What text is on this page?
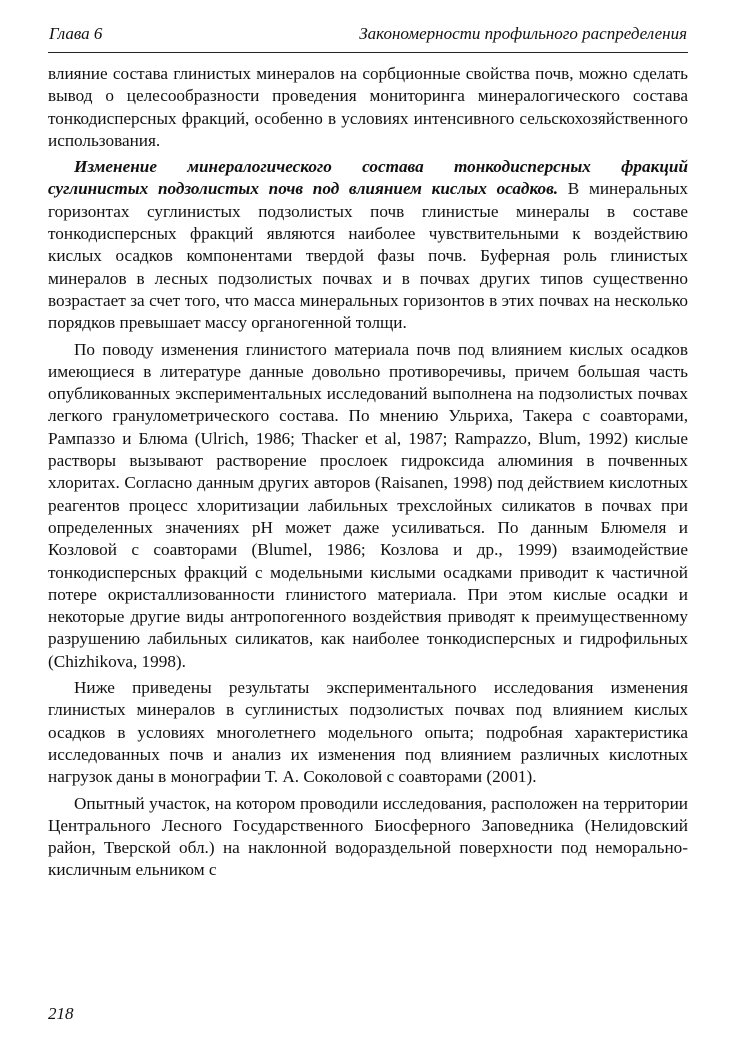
Глава 6	Закономерности профильного распределения

влияние состава глинистых минералов на сорбционные свойства почв, можно сделать вывод о целесообразности проведения мониторинга минералогического состава тонкодисперсных фракций, особенно в условиях интенсивного сельскохозяйственного использования.

Изменение минералогического состава тонкодисперсных фракций суглинистых подзолистых почв под влиянием кислых осадков. В минеральных горизонтах суглинистых подзолистых почв глинистые минералы в составе тонкодисперсных фракций являются наиболее чувствительными к воздействию кислых осадков компонентами твердой фазы почв. Буферная роль глинистых минералов в лесных подзолистых почвах и в почвах других типов существенно возрастает за счет того, что масса минеральных горизонтов в этих почвах на несколько порядков превышает массу органогенной толщи.

По поводу изменения глинистого материала почв под влиянием кислых осадков имеющиеся в литературе данные довольно противоречивы, причем большая часть опубликованных экспериментальных исследований выполнена на подзолистых почвах легкого гранулометрического состава. По мнению Ульриха, Такера с соавторами, Рампаззо и Блюма (Ulrich, 1986; Thacker et al, 1987; Rampazzo, Blum, 1992) кислые растворы вызывают растворение прослоек гидроксида алюминия в почвенных хлоритах. Согласно данным других авторов (Raisanen, 1998) под действием кислотных реагентов процесс хлоритизации лабильных трехслойных силикатов в почвах при определенных значениях pH может даже усиливаться. По данным Блюмеля и Козловой с соавторами (Blumel, 1986; Козлова и др., 1999) взаимодействие тонкодисперсных фракций с модельными кислыми осадками приводит к частичной потере окристаллизованности глинистого материала. При этом кислые осадки и некоторые другие виды антропогенного воздействия приводят к преимущественному разрушению лабильных силикатов, как наиболее тонкодисперсных и гидрофильных (Chizhikova, 1998).

Ниже приведены результаты экспериментального исследования изменения глинистых минералов в суглинистых подзолистых почвах под влиянием кислых осадков в условиях многолетнего модельного опыта; подробная характеристика исследованных почв и анализ их изменения под влиянием различных кислотных нагрузок даны в монографии Т. А. Соколовой с соавторами (2001).

Опытный участок, на котором проводили исследования, расположен на территории Центрального Лесного Государственного Биосферного Заповедника (Нелидовский район, Тверской обл.) на наклонной водораздельной поверхности под неморально-кисличным ельником с

218
